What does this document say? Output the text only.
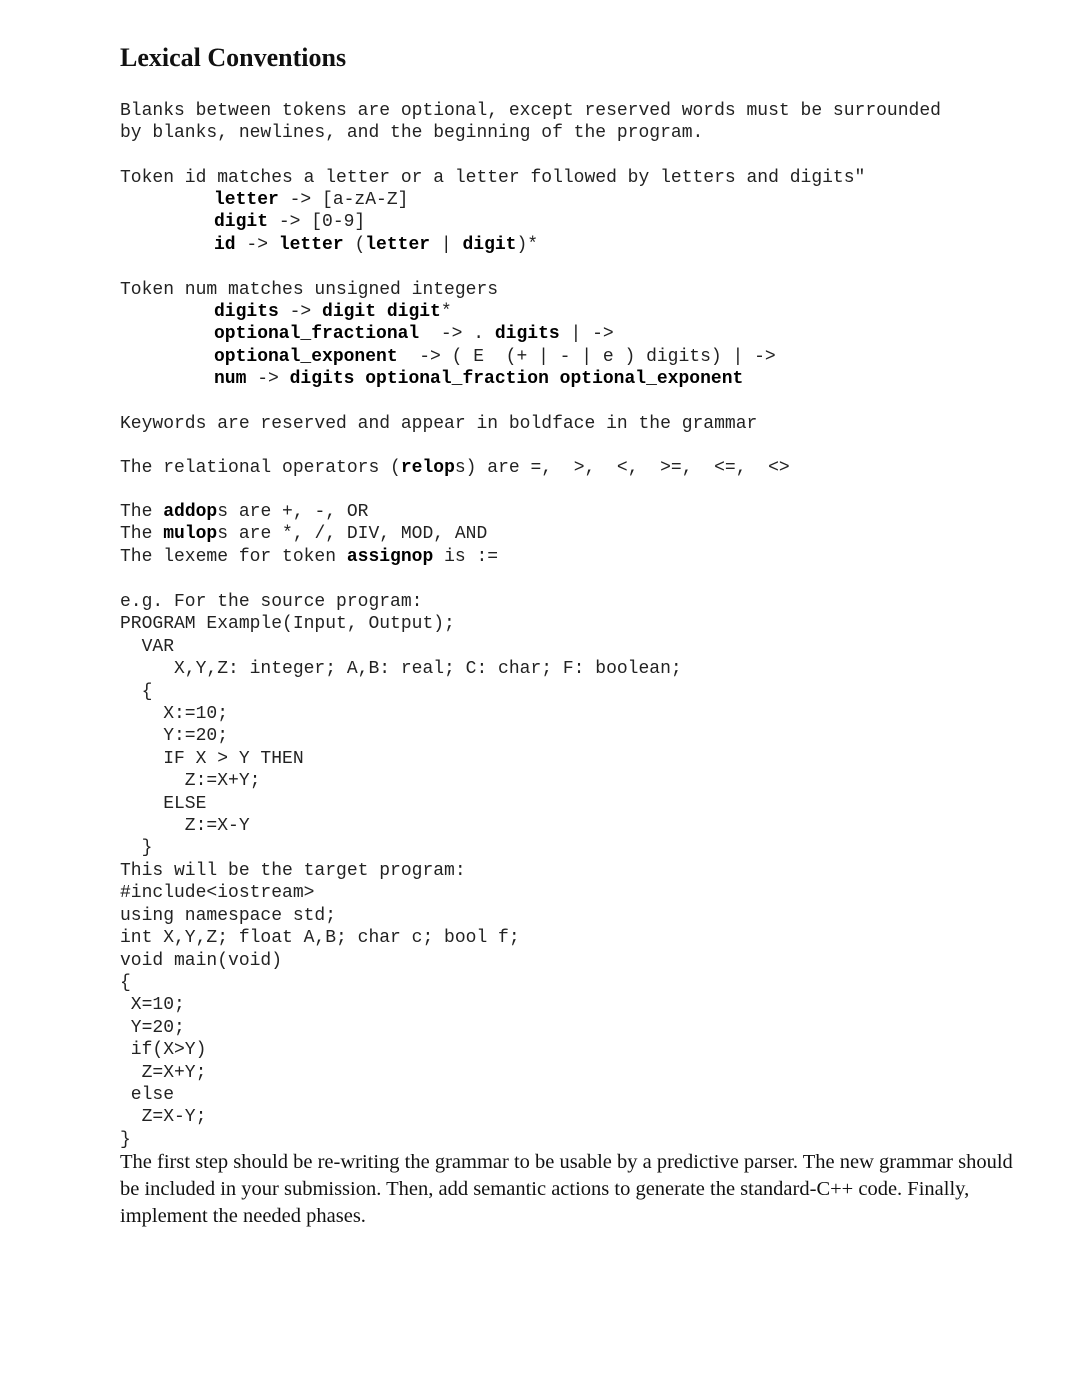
Lexical Conventions
Blanks between tokens are optional, except reserved words must be surrounded
by blanks, newlines, and the beginning of the program.
Token id matches a letter or a letter followed by letters and digits"
letter -> [a-zA-Z]
digit -> [0-9]
id -> letter (letter | digit)*
Token num matches unsigned integers
digits -> digit digit*
optional_fractional  -> . digits | ->
optional_exponent  -> ( E  (+ | - | e ) digits) | ->
num -> digits optional_fraction optional_exponent
Keywords are reserved and appear in boldface in the grammar
The relational operators (relops) are =,  >,  <,  >=,  <=,  <>
The addops are +, -, OR
The mulops are *, /, DIV, MOD, AND
The lexeme for token assignop is :=
e.g. For the source program:
PROGRAM Example(Input, Output);
VAR
X,Y,Z: integer; A,B: real; C: char; F: boolean;
{
X:=10;
Y:=20;
IF X > Y THEN
Z:=X+Y;
ELSE
Z:=X-Y
}
This will be the target program:
#include<iostream>
using namespace std;
int X,Y,Z; float A,B; char c; bool f;
void main(void)
{
X=10;
Y=20;
if(X>Y)
Z=X+Y;
else
Z=X-Y;
}

The first step should be re-writing the grammar to be usable by a predictive parser. The new grammar should be included in your submission. Then, add semantic actions to generate the standard-C++ code. Finally, implement the needed phases.
